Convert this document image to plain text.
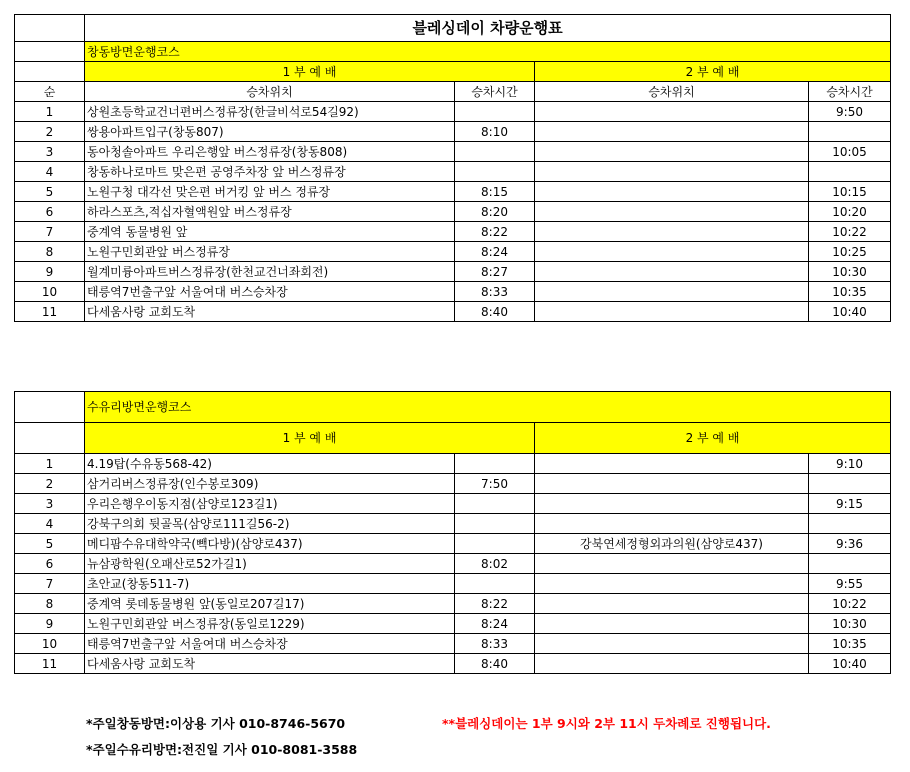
	블레싱데이 차량운행표			
	창동방면운행코스			
	1 부 예 배		2 부 예 배	
순	승차위치	승차시간	승차위치	승차시간
1	상원초등학교건너편버스정류장(한글비석로54길92)			9:50
2	쌍용아파트입구(창동807)	8:10		
3	동아청솔아파트 우리은행앞 버스정류장(창동808)			10:05
4	창동하나로마트 맞은편 공영주차장 앞 버스정류장			
5	노원구청 대각선 맞은편 버거킹 앞 버스 정류장	8:15		10:15
6	하라스포츠,적십자혈액원앞 버스정류장	8:20		10:20
7	중계역 동물병원 앞	8:22		10:22
8	노원구민회관앞 버스정류장	8:24		10:25
9	월계미륭아파트버스정류장(한천교건너좌회전)	8:27		10:30
10	태릉역7번출구앞 서울여대 버스승차장	8:33		10:35
11	다세움사랑 교회도착	8:40		10:40
	수유리방면운행코스			
	1 부 예 배		2 부 예 배	
1	4.19탑(수유동568-42)			9:10
2	삼거리버스정류장(인수봉로309)	7:50		
3	우리은행우이동지점(삼양로123길1)			9:15
4	강북구의회 뒷골목(삼양로111길56-2)			
5	메디팜수유대학약국(빽다방)(삼양로437)		강북연세정형외과의원(삼양로437)	9:36
6	뉴삼광학원(오패산로52가길1)	8:02		
7	초안교(창동511-7)			9:55
8	중계역 롯데동물병원 앞(동일로207길17)	8:22		10:22
9	노원구민회관앞 버스정류장(동일로1229)	8:24		10:30
10	태릉역7번출구앞 서울여대 버스승차장	8:33		10:35
11	다세움사랑 교회도착	8:40		10:40
*주일창동방면:이상용 기사 010-8746-5670	**블레싱데이는 1부 9시와 2부 11시 두차례로 진행됩니다.
*주일수유리방면:전진일 기사 010-8081-3588
